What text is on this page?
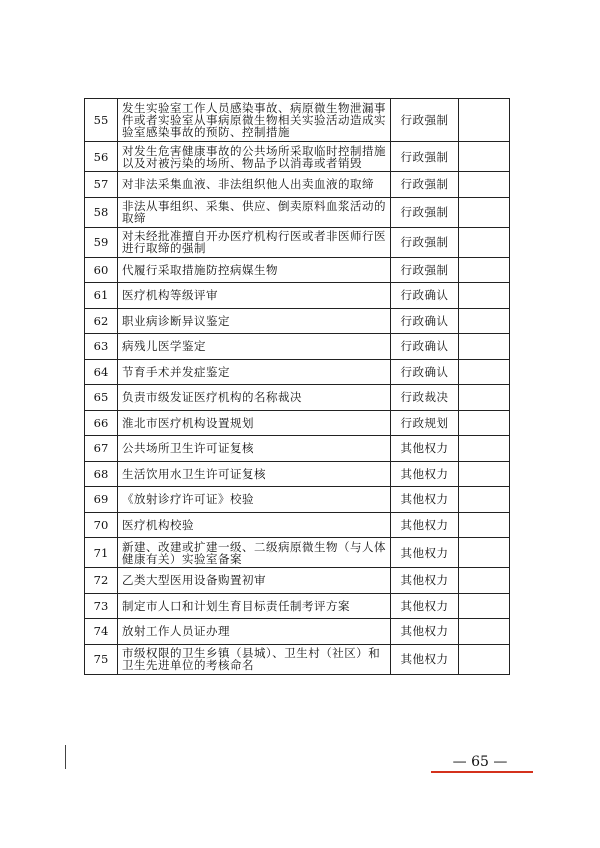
55	发生实验室工作人员感染事故、病原微生物泄漏事件或者实验室从事病原微生物相关实验活动造成实验室感染事故的预防、控制措施	行政强制	
56	对发生危害健康事故的公共场所采取临时控制措施以及对被污染的场所、物品予以消毒或者销毁	行政强制	
57	对非法采集血液、非法组织他人出卖血液的取缔	行政强制	
58	非法从事组织、采集、供应、倒卖原料血浆活动的取缔	行政强制	
59	对未经批准擅自开办医疗机构行医或者非医师行医进行取缔的强制	行政强制	
60	代履行采取措施防控病媒生物	行政强制	
61	医疗机构等级评审	行政确认	
62	职业病诊断异议鉴定	行政确认	
63	病残儿医学鉴定	行政确认	
64	节育手术并发症鉴定	行政确认	
65	负责市级发证医疗机构的名称裁决	行政裁决	
66	淮北市医疗机构设置规划	行政规划	
67	公共场所卫生许可证复核	其他权力	
68	生活饮用水卫生许可证复核	其他权力	
69	《放射诊疗许可证》校验	其他权力	
70	医疗机构校验	其他权力	
71	新建、改建或扩建一级、二级病原微生物（与人体健康有关）实验室备案	其他权力	
72	乙类大型医用设备购置初审	其他权力	
73	制定市人口和计划生育目标责任制考评方案	其他权力	
74	放射工作人员证办理	其他权力	
75	市级权限的卫生乡镇（县城）、卫生村（社区）和卫生先进单位的考核命名	其他权力	
— 65 —
